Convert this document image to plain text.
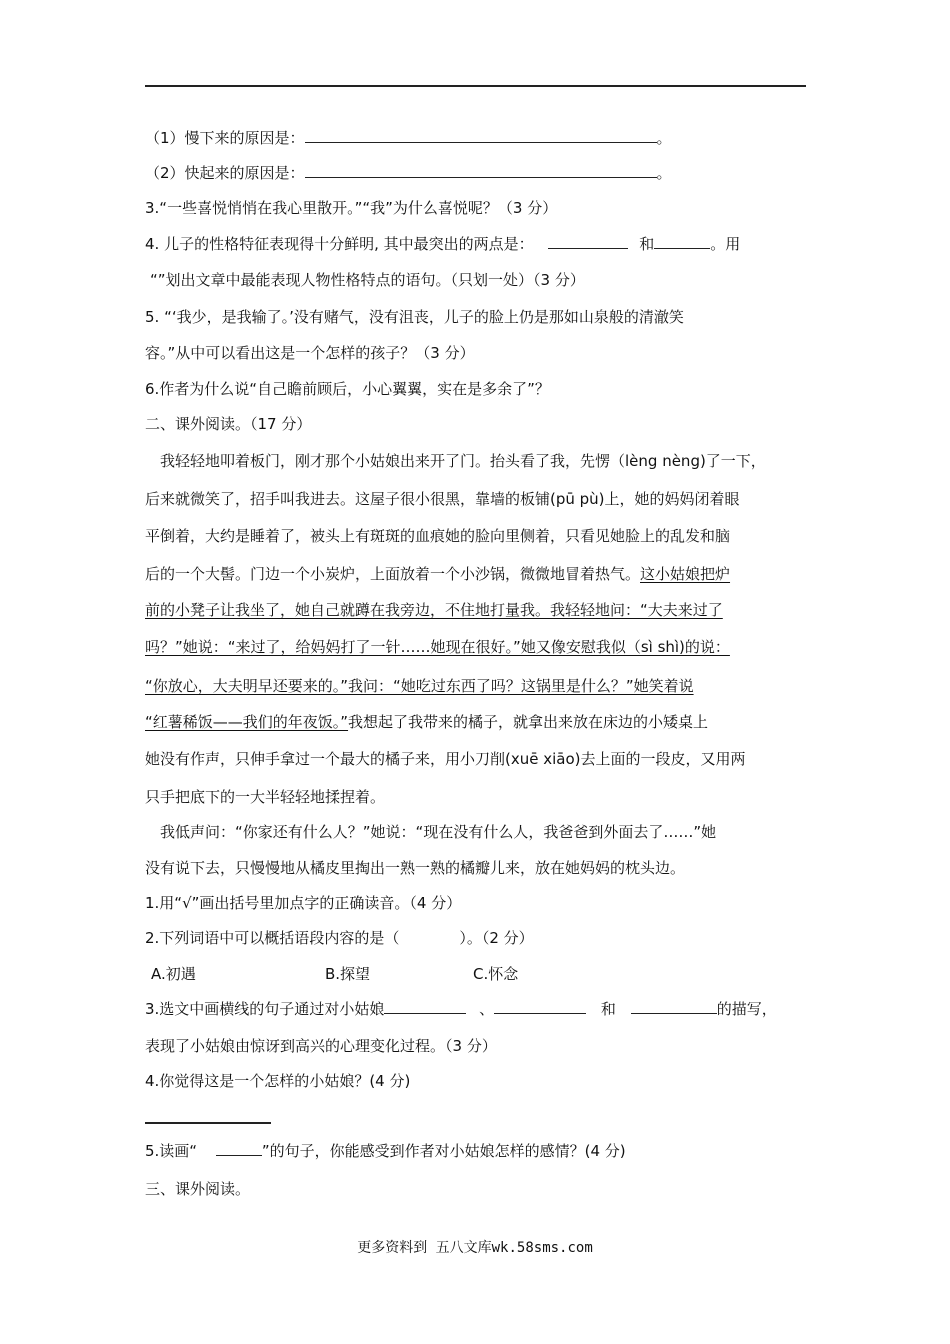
（1）慢下来的原因是：	。
（2）快起来的原因是：	。
3.“一些喜悦悄悄在我心里散开。”“我”为什么喜悦呢？（3 分）
4. 儿子的性格特征表现得十分鲜明, 其中最突出的两点是：	和	。用
“”划出文章中最能表现人物性格特点的语句。（只划一处）（3 分）
5. “‘我少，是我输了。’没有赌气，没有沮丧，儿子的脸上仍是那如山泉般的清澈笑
容。”从中可以看出这是一个怎样的孩子？（3 分）
6.作者为什么说“自己瞻前顾后，小心翼翼，实在是多余了”？
二、课外阅读。（17 分）
我轻轻地叩着板门，刚才那个小姑娘出来开了门。抬头看了我，先愣（lèng nèng)了一下，
后来就微笑了，招手叫我进去。这屋子很小很黑，靠墙的板铺(pū pù)上，她的妈妈闭着眼
平倒着，大约是睡着了，被头上有斑斑的血痕她的脸向里侧着，只看见她脸上的乱发和脑
后的一个大髻。门边一个小炭炉，上面放着一个小沙锅，微微地冒着热气。这小姑娘把炉
前的小凳子让我坐了，她自己就蹲在我旁边，不住地打量我。我轻轻地问：“大夫来过了
吗？”她说：“来过了，给妈妈打了一针……她现在很好。”她又像安慰我似（sì shì)的说：
“你放心，大夫明早还要来的。”我问：“她吃过东西了吗？这锅里是什么？”她笑着说
“红薯稀饭——我们的年夜饭。”我想起了我带来的橘子，就拿出来放在床边的小矮桌上
她没有作声，只伸手拿过一个最大的橘子来，用小刀削(xuē xiāo)去上面的一段皮，又用两
只手把底下的一大半轻轻地揉捏着。
我低声问：“你家还有什么人？”她说：“现在没有什么人，我爸爸到外面去了……”她
没有说下去，只慢慢地从橘皮里掏出一熟一熟的橘瓣儿来，放在她妈妈的枕头边。
1.用“√”画出括号里加点字的正确读音。（4 分）
2.下列词语中可以概括语段内容的是（　　　　）。（2 分）
A.初遇	B.探望	C.怀念
3.选文中画横线的句子通过对小姑娘	、	和	的描写，
表现了小姑娘由惊讶到高兴的心理变化过程。（3 分）
4.你觉得这是一个怎样的小姑娘？(4 分)
5.读画“	”的句子，你能感受到作者对小姑娘怎样的感情？(4 分)
三、课外阅读。
更多资料到 五八文库wk.58sms.com
